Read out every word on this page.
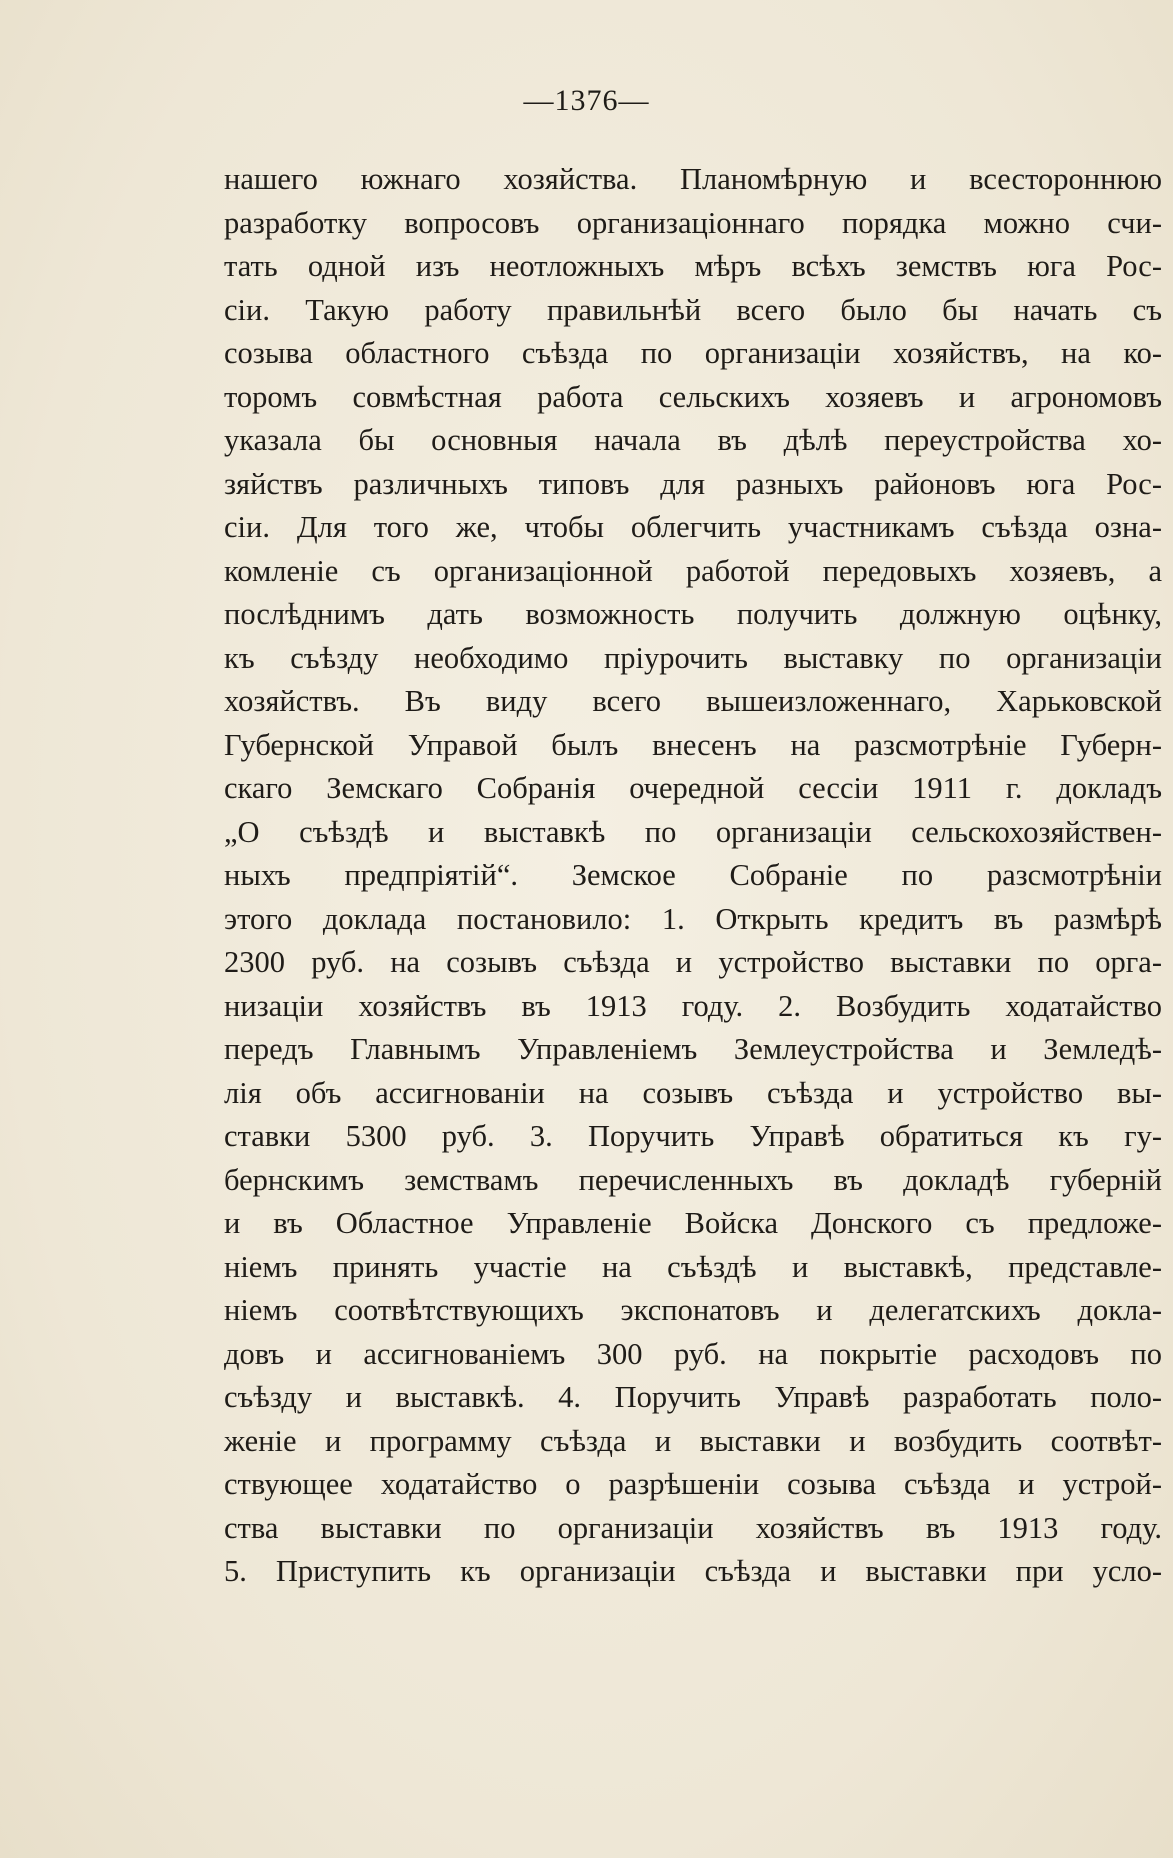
—1376—
нашего южнаго хозяйства. Планомѣрную и всестороннюю
разработку вопросовъ организаціоннаго порядка можно счи-
тать одной изъ неотложныхъ мѣръ всѣхъ земствъ юга Рос-
сіи. Такую работу правильнѣй всего было бы начать съ
созыва областного съѣзда по организаціи хозяйствъ, на ко-
торомъ совмѣстная работа сельскихъ хозяевъ и агрономовъ
указала бы основныя начала въ дѣлѣ переустройства хо-
зяйствъ различныхъ типовъ для разныхъ районовъ юга Рос-
сіи. Для того же, чтобы облегчить участникамъ съѣзда озна-
комленіе съ организаціонной работой передовыхъ хозяевъ, а
послѣднимъ дать возможность получить должную оцѣнку,
къ съѣзду необходимо пріурочить выставку по организаціи
хозяйствъ. Въ виду всего вышеизложеннаго, Харьковской
Губернской Управой былъ внесенъ на разсмотрѣніе Губерн-
скаго Земскаго Собранія очередной сессіи 1911 г. докладъ
„О съѣздѣ и выставкѣ по организаціи сельскохозяйствен-
ныхъ предпріятій“. Земское Собраніе по разсмотрѣніи
этого доклада постановило: 1. Открыть кредитъ въ размѣрѣ
2300 руб. на созывъ съѣзда и устройство выставки по орга-
низаціи хозяйствъ въ 1913 году. 2. Возбудить ходатайство
передъ Главнымъ Управленіемъ Землеустройства и Земледѣ-
лія объ ассигнованіи на созывъ съѣзда и устройство вы-
ставки 5300 руб. 3. Поручить Управѣ обратиться къ гу-
бернскимъ земствамъ перечисленныхъ въ докладѣ губерній
и въ Областное Управленіе Войска Донского съ предложе-
ніемъ принять участіе на съѣздѣ и выставкѣ, представле-
ніемъ соотвѣтствующихъ экспонатовъ и делегатскихъ докла-
довъ и ассигнованіемъ 300 руб. на покрытіе расходовъ по
съѣзду и выставкѣ. 4. Поручить Управѣ разработать поло-
женіе и программу съѣзда и выставки и возбудить соотвѣт-
ствующее ходатайство о разрѣшеніи созыва съѣзда и устрой-
ства выставки по организаціи хозяйствъ въ 1913 году.
5. Приступить къ организаціи съѣзда и выставки при усло-
